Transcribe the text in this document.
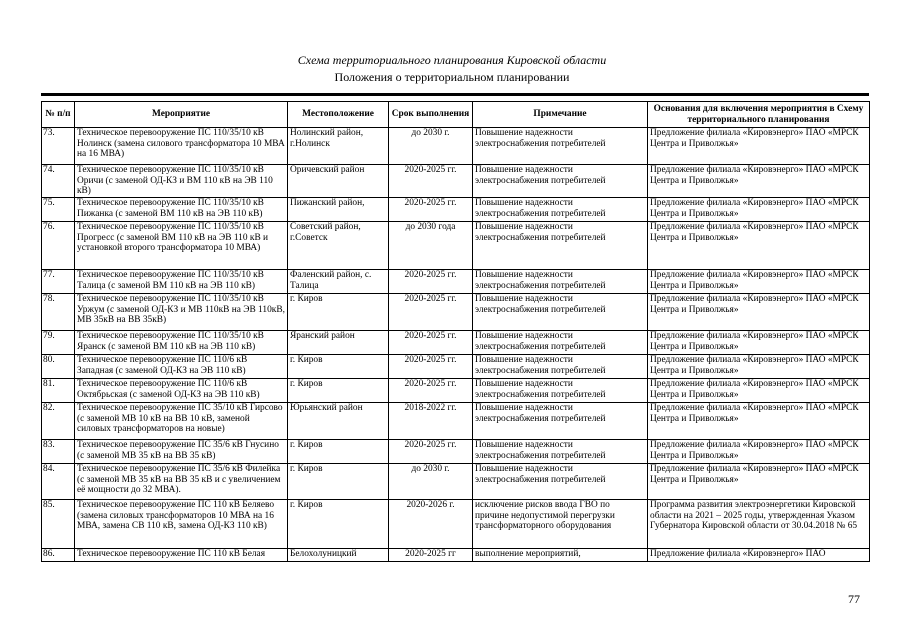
Схема территориального планирования Кировской области
Положения о территориальном планировании
№ п/п	Мероприятие	Местоположение	Срок выполнения	Примечание	Основания для включения мероприятия в Схему территориального планирования
73.	Техническое перевооружение ПС 110/35/10 кВ Нолинск (замена силового трансформатора 10 МВА на 16 МВА)	Нолинский район, г.Нолинск	до 2030 г.	Повышение надежности электроснабжения потребителей	Предложение филиала «Кировэнерго» ПАО «МРСК Центра и Приволжья»
74.	Техническое перевооружение ПС 110/35/10 кВ Оричи (с заменой ОД-КЗ и ВМ 110 кВ на ЭВ 110 кВ)	Оричевский район	2020-2025 гг.	Повышение надежности электроснабжения потребителей	Предложение филиала «Кировэнерго» ПАО «МРСК Центра и Приволжья»
75.	Техническое перевооружение ПС 110/35/10 кВ Пижанка (с заменой ВМ 110 кВ на ЭВ 110 кВ)	Пижанский район,	2020-2025 гг.	Повышение надежности электроснабжения потребителей	Предложение филиала «Кировэнерго» ПАО «МРСК Центра и Приволжья»
76.	Техническое перевооружение ПС 110/35/10 кВ Прогресс (с заменой ВМ 110 кВ на ЭВ 110 кВ и установкой второго трансформатора 10 МВА)	Советский район, г.Советск	до 2030 года	Повышение надежности электроснабжения потребителей	Предложение филиала «Кировэнерго» ПАО «МРСК Центра и Приволжья»
77.	Техническое перевооружение ПС 110/35/10 кВ Талица (с заменой ВМ 110 кВ на ЭВ 110 кВ)	Фаленский район, с. Талица	2020-2025 гг.	Повышение надежности электроснабжения потребителей	Предложение филиала «Кировэнерго» ПАО «МРСК Центра и Приволжья»
78.	Техническое перевооружение ПС 110/35/10 кВ Уржум (с заменой ОД-КЗ и МВ 110кВ на ЭВ 110кВ, МВ 35кВ на ВВ 35кВ)	г. Киров	2020-2025 гг.	Повышение надежности электроснабжения потребителей	Предложение филиала «Кировэнерго» ПАО «МРСК Центра и Приволжья»
79.	Техническое перевооружение ПС 110/35/10 кВ Яранск (с заменой ВМ 110 кВ на ЭВ 110 кВ)	Яранский район	2020-2025 гг.	Повышение надежности электроснабжения потребителей	Предложение филиала «Кировэнерго» ПАО «МРСК Центра и Приволжья»
80.	Техническое перевооружение ПС 110/6 кВ Западная (с заменой ОД-КЗ на ЭВ 110 кВ)	г. Киров	2020-2025 гг.	Повышение надежности электроснабжения потребителей	Предложение филиала «Кировэнерго» ПАО «МРСК Центра и Приволжья»
81.	Техническое перевооружение ПС 110/6 кВ Октябрьская (с заменой ОД-КЗ на ЭВ 110 кВ)	г. Киров	2020-2025 гг.	Повышение надежности электроснабжения потребителей	Предложение филиала «Кировэнерго» ПАО «МРСК Центра и Приволжья»
82.	Техническое перевооружение ПС 35/10 кВ Гирсово (с заменой МВ 10 кВ на ВВ 10 кВ, заменой силовых трансформаторов на новые)	Юрьянский район	2018-2022 гг.	Повышение надежности электроснабжения потребителей	Предложение филиала «Кировэнерго» ПАО «МРСК Центра и Приволжья»
83.	Техническое перевооружение ПС 35/6 кВ Гнусино (с заменой МВ 35 кВ на ВВ 35 кВ)	г. Киров	2020-2025 гг.	Повышение надежности электроснабжения потребителей	Предложение филиала «Кировэнерго» ПАО «МРСК Центра и Приволжья»
84.	Техническое перевооружение ПС 35/6 кВ Филейка (с заменой МВ 35 кВ на ВВ 35 кВ и с увеличением её мощности до 32 МВА).	г. Киров	до 2030 г.	Повышение надежности электроснабжения потребителей	Предложение филиала «Кировэнерго» ПАО «МРСК Центра и Приволжья»
85.	Техническое перевооружение ПС 110 кВ Беляево (замена силовых трансформаторов 10 МВА на 16 МВА, замена СВ 110 кВ, замена ОД-КЗ 110 кВ)	г. Киров	2020-2026 г.	исключение рисков ввода ГВО по причине недопустимой перегрузки трансформаторного оборудования	Программа развития электроэнергетики Кировской области на 2021 – 2025 годы, утвержденная Указом Губернатора Кировской области от 30.04.2018 № 65
86.	Техническое перевооружение ПС 110 кВ Белая	Белохолуницкий	2020-2025 гг	выполнение мероприятий,	Предложение филиала «Кировэнерго» ПАО
77
